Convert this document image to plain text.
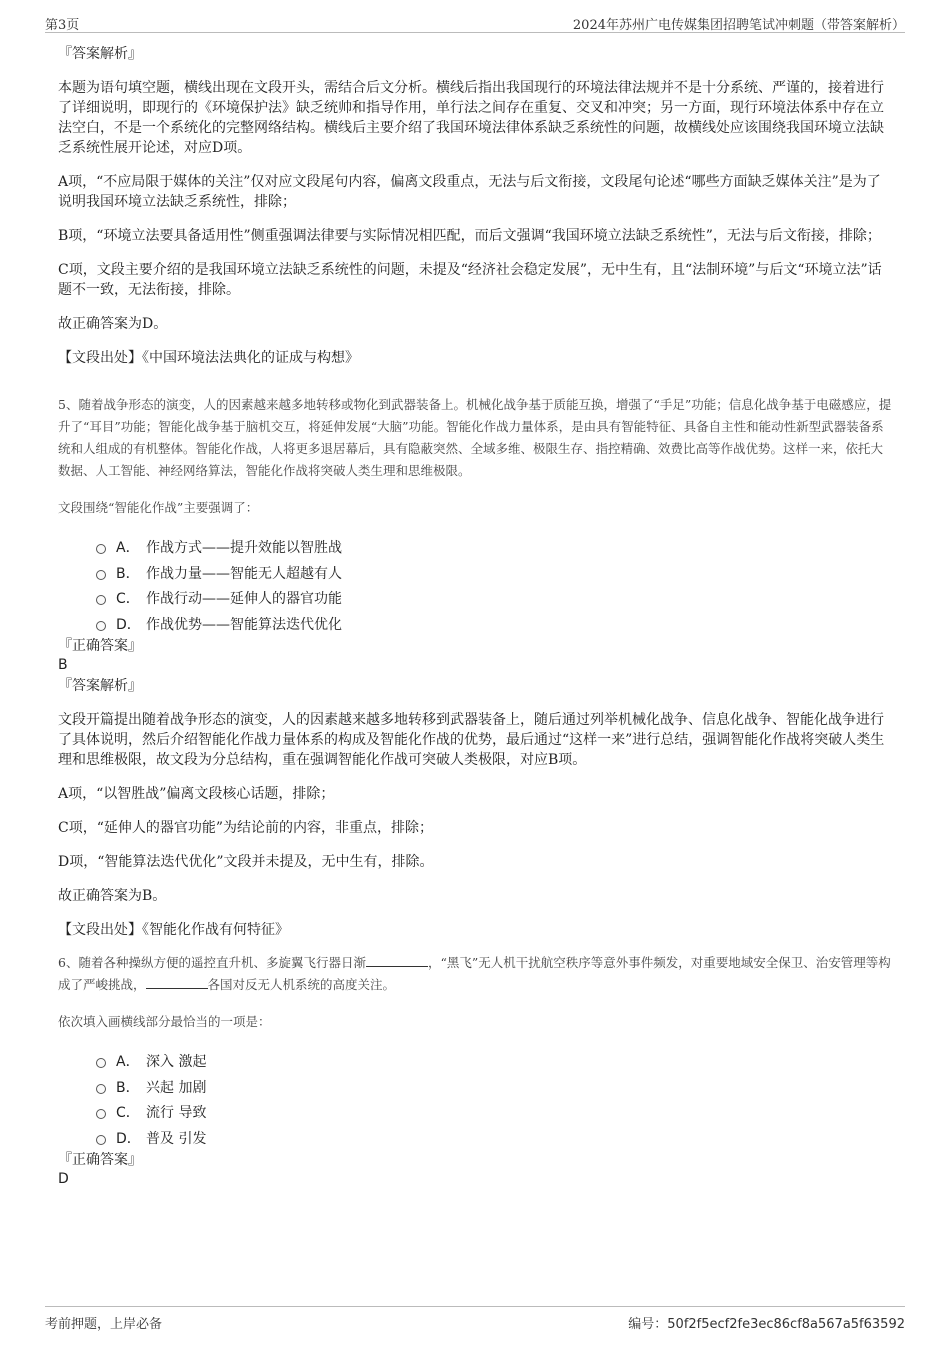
第3页	2024年苏州广电传媒集团招聘笔试冲刺题（带答案解析）

『答案解析』

本题为语句填空题，横线出现在文段开头，需结合后文分析。横线后指出我国现行的环境法律法规并不是十分系统、严谨的，接着进行了详细说明，即现行的《环境保护法》缺乏统帅和指导作用，单行法之间存在重复、交叉和冲突；另一方面，现行环境法体系中存在立法空白，不是一个系统化的完整网络结构。横线后主要介绍了我国环境法律体系缺乏系统性的问题，故横线处应该围绕我国环境立法缺乏系统性展开论述，对应D项。

A项，“不应局限于媒体的关注”仅对应文段尾句内容，偏离文段重点，无法与后文衔接，文段尾句论述“哪些方面缺乏媒体关注”是为了说明我国环境立法缺乏系统性，排除；

B项，“环境立法要具备适用性”侧重强调法律要与实际情况相匹配，而后文强调“我国环境立法缺乏系统性”，无法与后文衔接，排除；

C项，文段主要介绍的是我国环境立法缺乏系统性的问题，未提及“经济社会稳定发展”，无中生有，且“法制环境”与后文“环境立法”话题不一致，无法衔接，排除。

故正确答案为D。

【文段出处】《中国环境法法典化的证成与构想》

5、随着战争形态的演变，人的因素越来越多地转移或物化到武器装备上。机械化战争基于质能互换，增强了“手足”功能；信息化战争基于电磁感应，提升了“耳目”功能；智能化战争基于脑机交互，将延伸发展“大脑”功能。智能化作战力量体系，是由具有智能特征、具备自主性和能动性新型武器装备系统和人组成的有机整体。智能化作战，人将更多退居幕后，具有隐蔽突然、全域多维、极限生存、指控精确、效费比高等作战优势。这样一来，依托大数据、人工智能、神经网络算法，智能化作战将突破人类生理和思维极限。

文段围绕“智能化作战”主要强调了：

A． 作战方式——提升效能以智胜战
B． 作战力量——智能无人超越有人
C． 作战行动——延伸人的器官功能
D． 作战优势——智能算法迭代优化

『正确答案』

B

『答案解析』

文段开篇提出随着战争形态的演变，人的因素越来越多地转移到武器装备上，随后通过列举机械化战争、信息化战争、智能化战争进行了具体说明，然后介绍智能化作战力量体系的构成及智能化作战的优势，最后通过“这样一来”进行总结，强调智能化作战将突破人类生理和思维极限，故文段为分总结构，重在强调智能化作战可突破人类极限，对应B项。

A项，“以智胜战”偏离文段核心话题，排除；

C项，“延伸人的器官功能”为结论前的内容，非重点，排除；

D项，“智能算法迭代优化”文段并未提及，无中生有，排除。

故正确答案为B。

【文段出处】《智能化作战有何特征》

6、随着各种操纵方便的遥控直升机、多旋翼飞行器日渐	，“黑飞”无人机干扰航空秩序等意外事件频发，对重要地域安全保卫、治安管理等构成了严峻挑战，	各国对反无人机系统的高度关注。

依次填入画横线部分最恰当的一项是：

A． 深入 激起
B． 兴起 加剧
C． 流行 导致
D． 普及 引发

『正确答案』

D

考前押题，上岸必备	编号：50f2f5ecf2fe3ec86cf8a567a5f63592
